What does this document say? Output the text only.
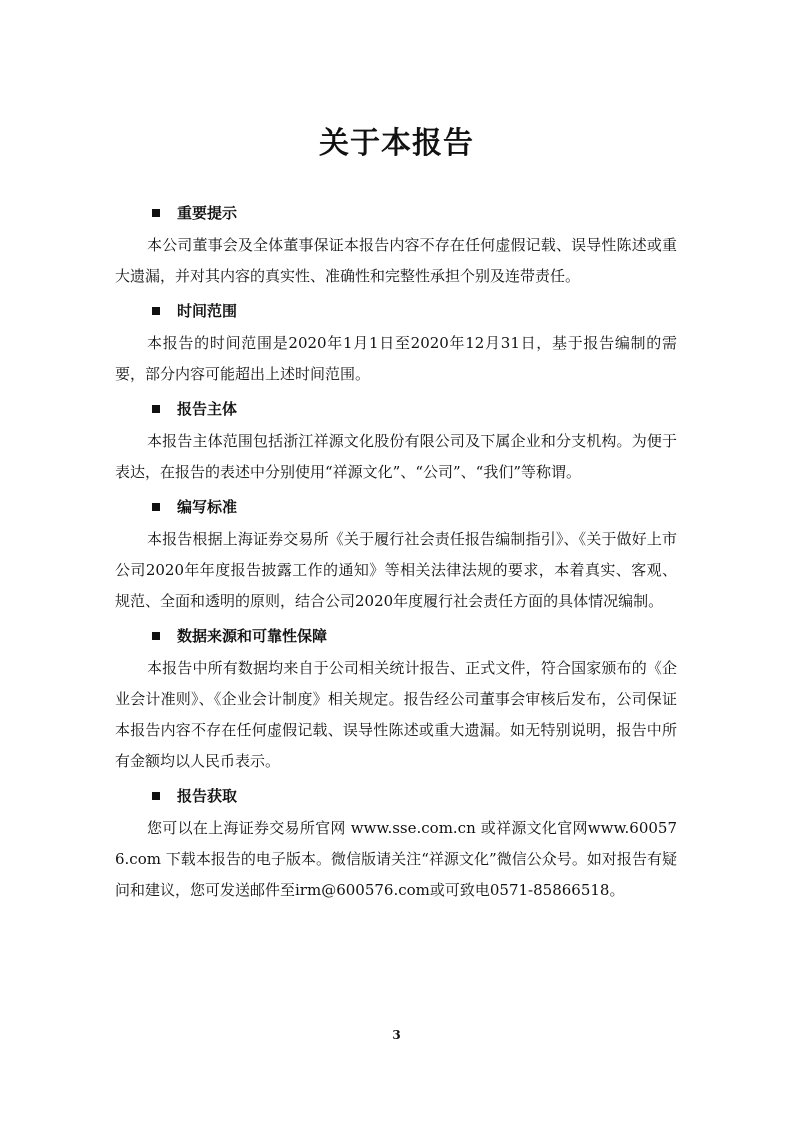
关于本报告
重要提示

本公司董事会及全体董事保证本报告内容不存在任何虚假记载、误导性陈述或重大遗漏，并对其内容的真实性、准确性和完整性承担个别及连带责任。

时间范围

本报告的时间范围是2020年1月1日至2020年12月31日，基于报告编制的需要，部分内容可能超出上述时间范围。

报告主体

本报告主体范围包括浙江祥源文化股份有限公司及下属企业和分支机构。为便于表达，在报告的表述中分别使用“祥源文化”、“公司”、“我们”等称谓。

编写标准

本报告根据上海证券交易所《关于履行社会责任报告编制指引》、《关于做好上市公司2020年年度报告披露工作的通知》等相关法律法规的要求，本着真实、客观、规范、全面和透明的原则，结合公司2020年度履行社会责任方面的具体情况编制。

数据来源和可靠性保障

本报告中所有数据均来自于公司相关统计报告、正式文件，符合国家颁布的《企业会计准则》、《企业会计制度》相关规定。报告经公司董事会审核后发布，公司保证本报告内容不存在任何虚假记载、误导性陈述或重大遗漏。如无特别说明，报告中所有金额均以人民币表示。

报告获取

您可以在上海证券交易所官网 www.sse.com.cn 或祥源文化官网www.600576.com 下载本报告的电子版本。微信版请关注“祥源文化”微信公众号。如对报告有疑问和建议，您可发送邮件至irm@600576.com或可致电0571-85866518。

3
